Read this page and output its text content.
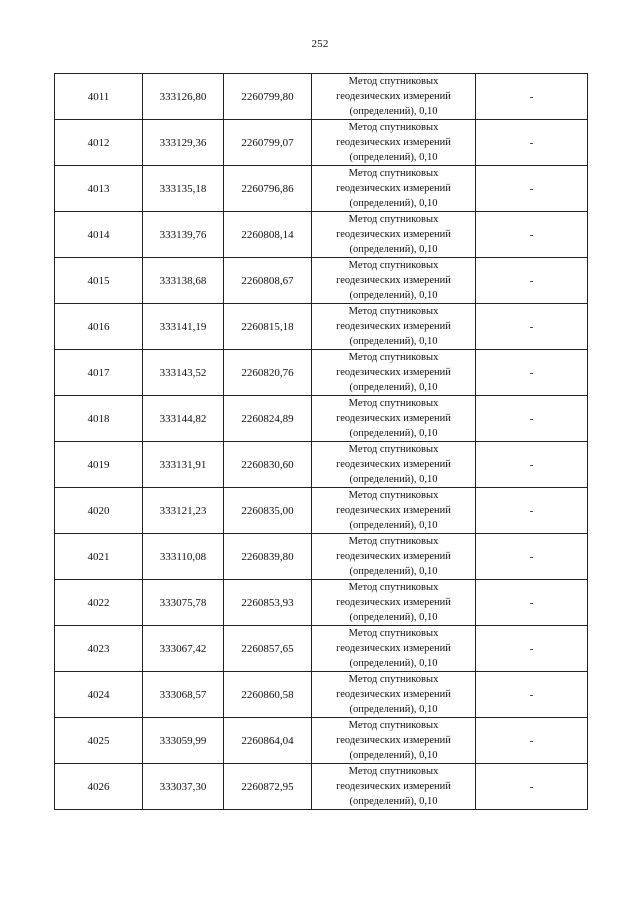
252
4011	333126,80	2260799,80	Метод спутниковых
геодезических измерений
(определений), 0,10	-
4012	333129,36	2260799,07	Метод спутниковых
геодезических измерений
(определений), 0,10	-
4013	333135,18	2260796,86	Метод спутниковых
геодезических измерений
(определений), 0,10	-
4014	333139,76	2260808,14	Метод спутниковых
геодезических измерений
(определений), 0,10	-
4015	333138,68	2260808,67	Метод спутниковых
геодезических измерений
(определений), 0,10	-
4016	333141,19	2260815,18	Метод спутниковых
геодезических измерений
(определений), 0,10	-
4017	333143,52	2260820,76	Метод спутниковых
геодезических измерений
(определений), 0,10	-
4018	333144,82	2260824,89	Метод спутниковых
геодезических измерений
(определений), 0,10	-
4019	333131,91	2260830,60	Метод спутниковых
геодезических измерений
(определений), 0,10	-
4020	333121,23	2260835,00	Метод спутниковых
геодезических измерений
(определений), 0,10	-
4021	333110,08	2260839,80	Метод спутниковых
геодезических измерений
(определений), 0,10	-
4022	333075,78	2260853,93	Метод спутниковых
геодезических измерений
(определений), 0,10	-
4023	333067,42	2260857,65	Метод спутниковых
геодезических измерений
(определений), 0,10	-
4024	333068,57	2260860,58	Метод спутниковых
геодезических измерений
(определений), 0,10	-
4025	333059,99	2260864,04	Метод спутниковых
геодезических измерений
(определений), 0,10	-
4026	333037,30	2260872,95	Метод спутниковых
геодезических измерений
(определений), 0,10	-
